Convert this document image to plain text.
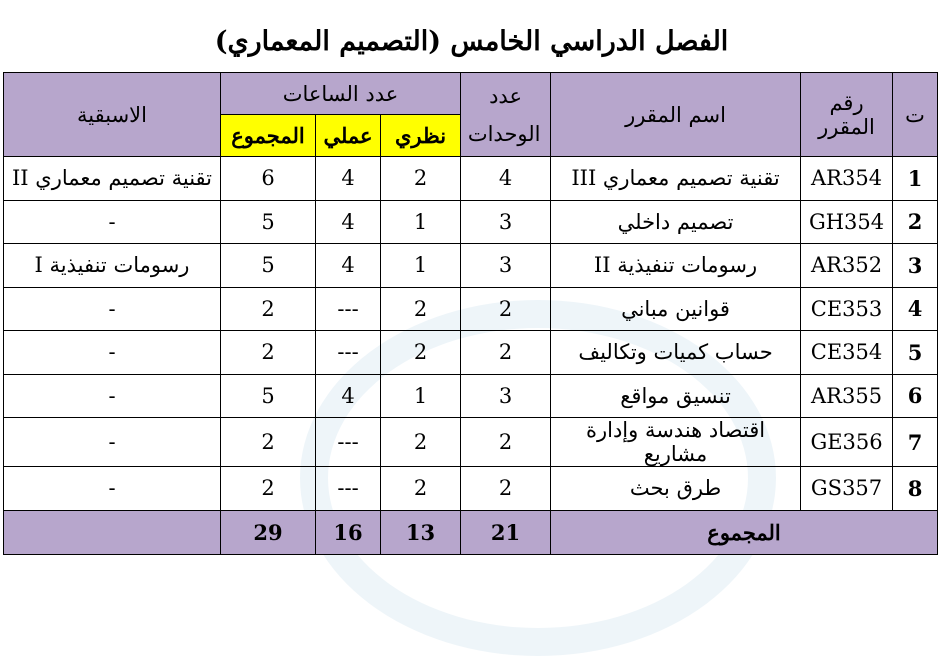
الفصل الدراسي الخامس (التصميم المعماري)
ت	رقم المقرر	اسم المقرر	عدد الوحدات	عدد الساعات			الاسبقية
				نظري	عملي	المجموع	
1	AR354	تقنية تصميم معماري III	4	2	4	6	تقنية تصميم معماري II
2	GH354	تصميم داخلي	3	1	4	5	-
3	AR352	رسومات تنفيذية II	3	1	4	5	رسومات تنفيذية I
4	CE353	قوانين مباني	2	2	---	2	-
5	CE354	حساب كميات وتكاليف	2	2	---	2	-
6	AR355	تنسيق مواقع	3	1	4	5	-
7	GE356	اقتصاد هندسة وإدارة مشاريع	2	2	---	2	-
8	GS357	طرق بحث	2	2	---	2	-
المجموع			21	13	16	29	
